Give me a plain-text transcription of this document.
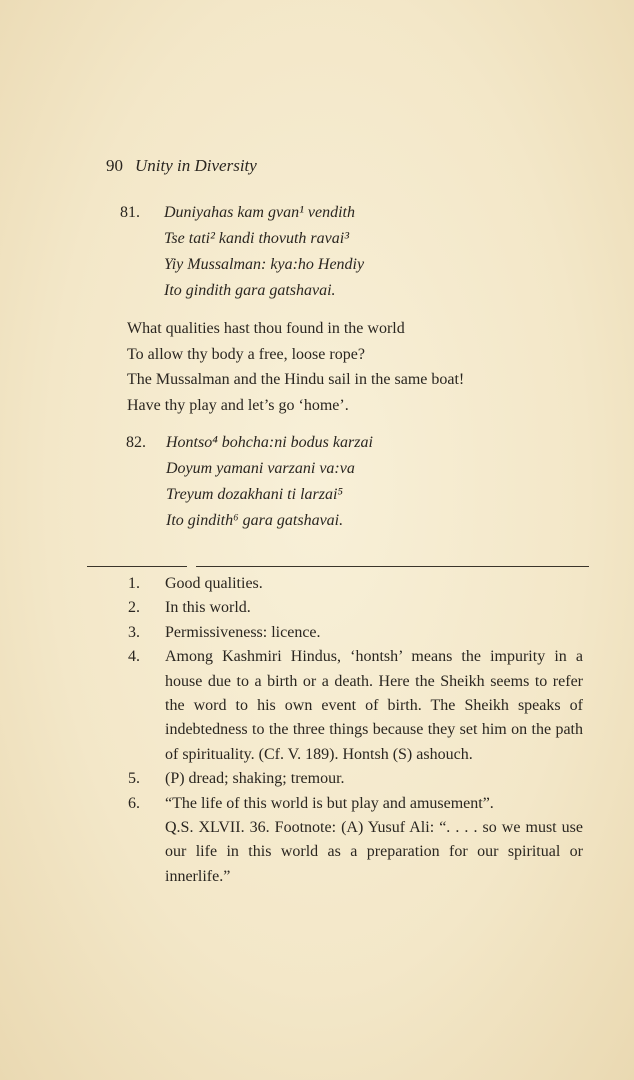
90 Unity in Diversity
81. Duniyahas kam gvan¹ vendith
Tse tati² kandi thovuth ravai³
Yiy Mussalman: kya:ho Hendiy
Ito gindith gara gatshavai.
What qualities hast thou found in the world
To allow thy body a free, loose rope?
The Mussalman and the Hindu sail in the same boat!
Have thy play and let’s go ‘home’.
82. Hontso⁴ bohcha:ni bodus karzai
Doyum yamani varzani va:va
Treyum dozakhani ti larzai⁵
Ito gindith⁶ gara gatshavai.
1.	Good qualities.
2.	In this world.
3.	Permissiveness: licence.
4.	Among Kashmiri Hindus, ‘hontsh’ means the impurity in a house due to a birth or a death. Here the Sheikh seems to refer the word to his own event of birth. The Sheikh speaks of indebtedness to the three things because they set him on the path of spirituality. (Cf. V. 189). Hontsh (S) ashouch.
5.	(P) dread; shaking; tremour.
6.	“The life of this world is but play and amusement”.
Q.S. XLVII. 36. Footnote: (A) Yusuf Ali: “. . . . so we must use our life in this world as a preparation for our spiritual or innerlife.”
